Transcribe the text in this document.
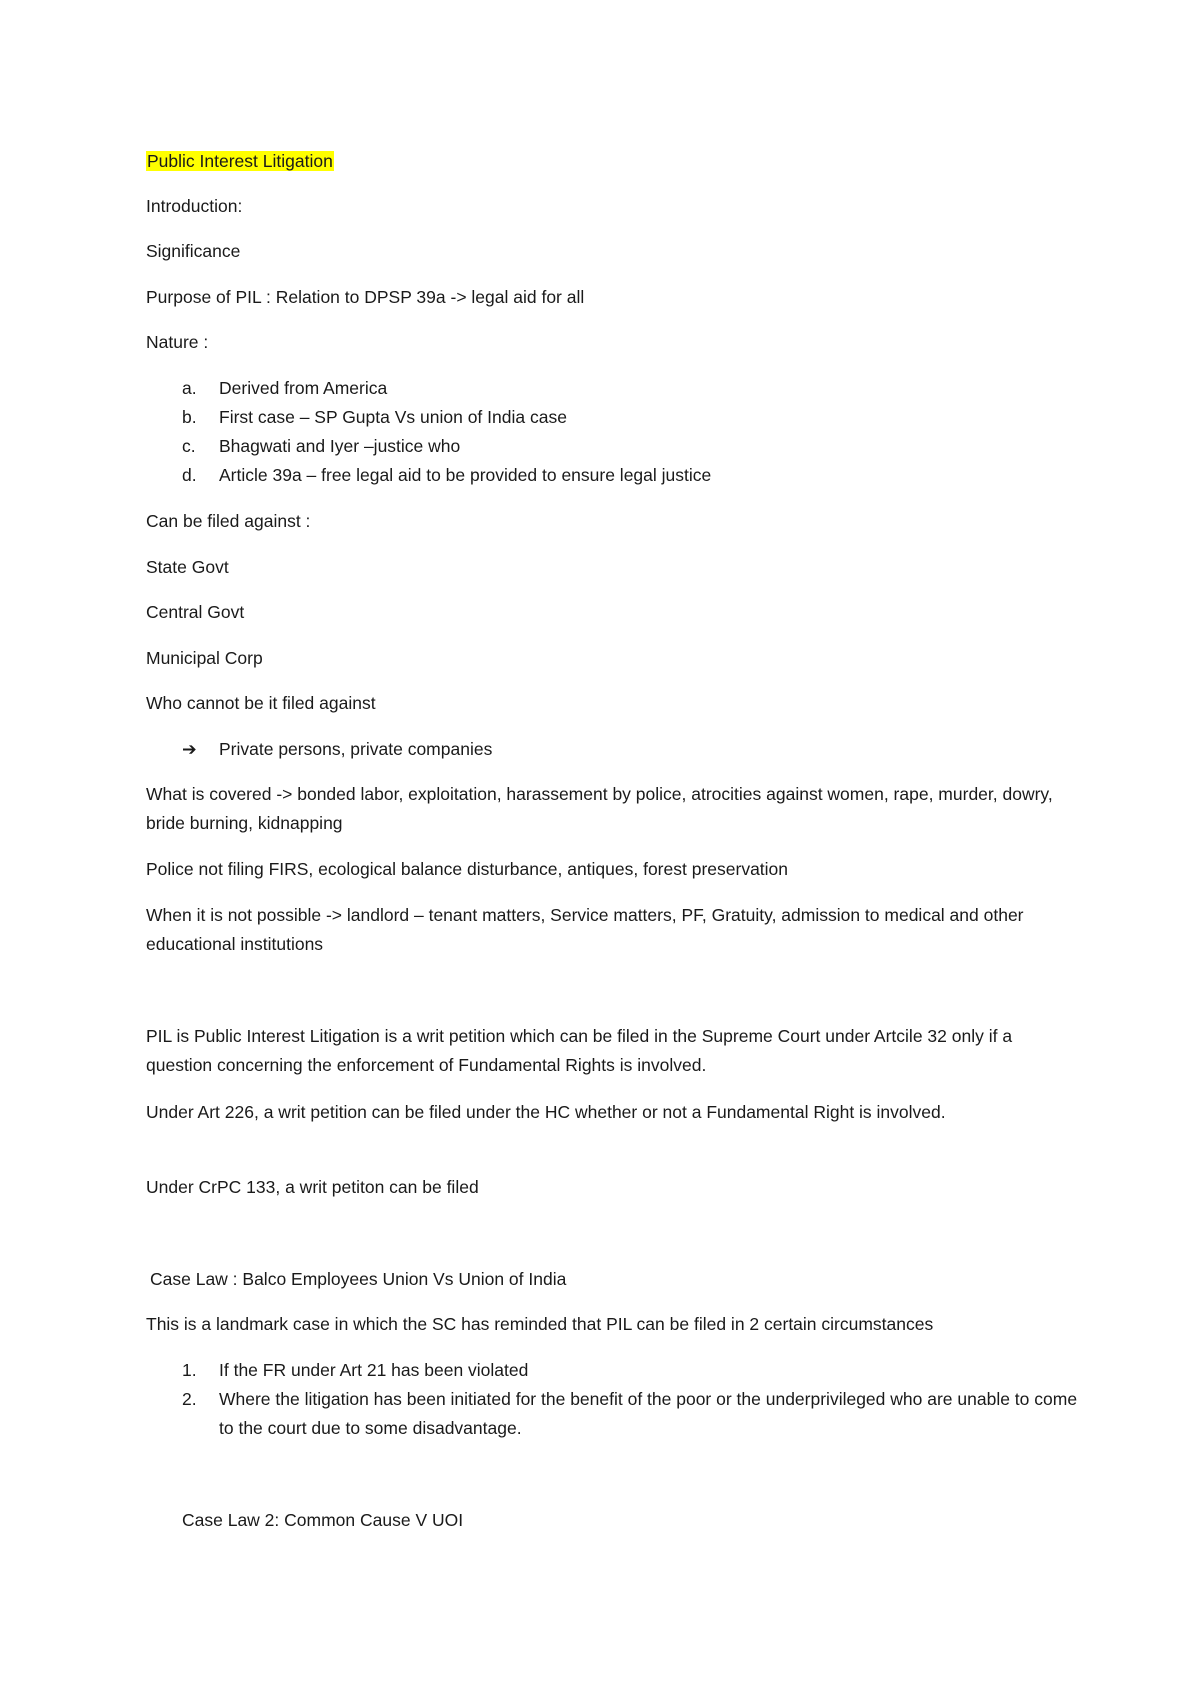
Public Interest Litigation
Introduction:
Significance
Purpose of PIL : Relation to DPSP 39a -> legal aid for all
Nature :
a.	Derived from America
b.	First case – SP Gupta Vs union of India case
c.	Bhagwati and Iyer –justice who
d.	Article 39a – free legal aid to be provided to ensure legal justice
Can be filed against :
State Govt
Central Govt
Municipal Corp
Who cannot be it filed against
➔ Private persons, private companies
What is covered -> bonded labor, exploitation, harassement by police, atrocities against women, rape, murder, dowry, bride burning, kidnapping
Police not filing FIRS, ecological balance disturbance, antiques, forest preservation
When it is not possible -> landlord – tenant matters, Service matters, PF, Gratuity, admission to medical and other educational institutions
PIL is Public Interest Litigation is a writ petition which can be filed in the Supreme Court under Artcile 32 only if a question concerning the enforcement of Fundamental Rights is involved.
Under Art 226, a writ petition can be filed under the HC whether or not a Fundamental Right is involved.
Under CrPC 133, a writ petiton can be filed
Case Law : Balco Employees Union Vs Union of India
This is a landmark case in which the SC has reminded that PIL can be filed in 2 certain circumstances
1.	If the FR under Art 21 has been violated
2.	Where the litigation has been initiated for the benefit of the poor or the underprivileged who are unable to come to the court due to some disadvantage.
Case Law 2: Common Cause V UOI
